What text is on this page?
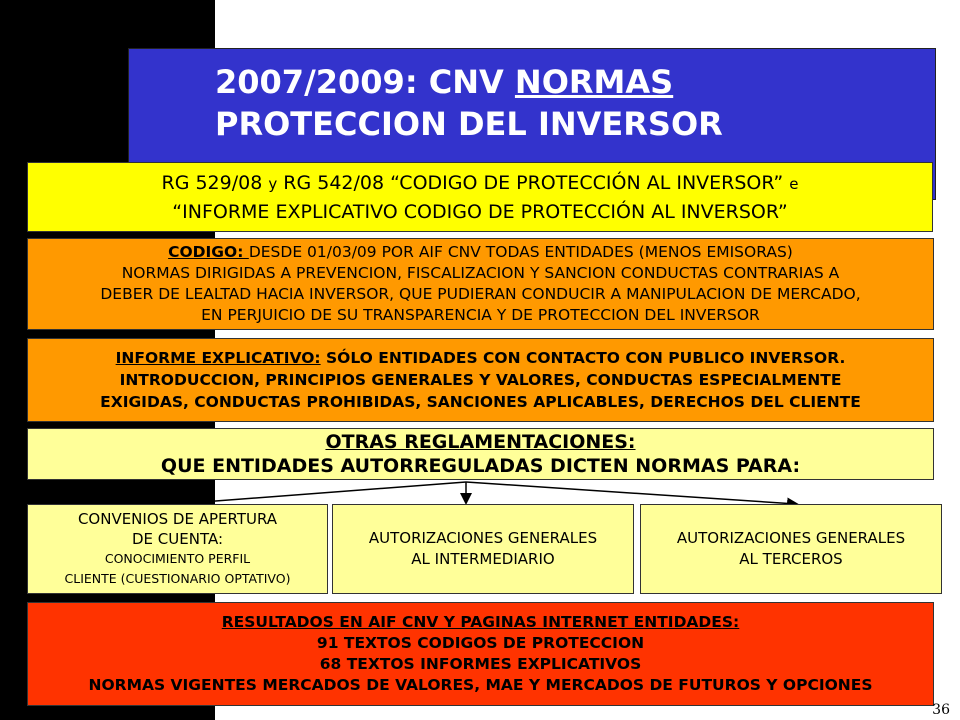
2007/2009: CNV NORMAS
PROTECCION DEL INVERSOR
RG 529/08 y RG 542/08 “CODIGO DE PROTECCIÓN AL INVERSOR” e
“INFORME EXPLICATIVO CODIGO DE PROTECCIÓN AL INVERSOR”
CODIGO: DESDE 01/03/09 POR AIF CNV TODAS ENTIDADES (MENOS EMISORAS)
NORMAS DIRIGIDAS A PREVENCION, FISCALIZACION Y SANCION CONDUCTAS CONTRARIAS A
DEBER DE LEALTAD HACIA INVERSOR, QUE PUDIERAN CONDUCIR A MANIPULACION DE MERCADO,
EN PERJUICIO DE SU TRANSPARENCIA Y DE PROTECCION DEL INVERSOR
INFORME EXPLICATIVO: SÓLO ENTIDADES CON CONTACTO CON PUBLICO INVERSOR.
INTRODUCCION, PRINCIPIOS GENERALES Y VALORES, CONDUCTAS ESPECIALMENTE
EXIGIDAS, CONDUCTAS PROHIBIDAS, SANCIONES APLICABLES, DERECHOS DEL CLIENTE
OTRAS REGLAMENTACIONES:
QUE ENTIDADES AUTORREGULADAS DICTEN NORMAS PARA:
CONVENIOS DE APERTURA
DE CUENTA:
CONOCIMIENTO PERFIL
CLIENTE (CUESTIONARIO OPTATIVO)
AUTORIZACIONES GENERALES
AL INTERMEDIARIO
AUTORIZACIONES GENERALES
AL TERCEROS
RESULTADOS EN AIF CNV Y PAGINAS INTERNET ENTIDADES:
91 TEXTOS CODIGOS DE PROTECCION
68 TEXTOS INFORMES EXPLICATIVOS
NORMAS VIGENTES MERCADOS DE VALORES, MAE Y MERCADOS DE FUTUROS Y OPCIONES
36
